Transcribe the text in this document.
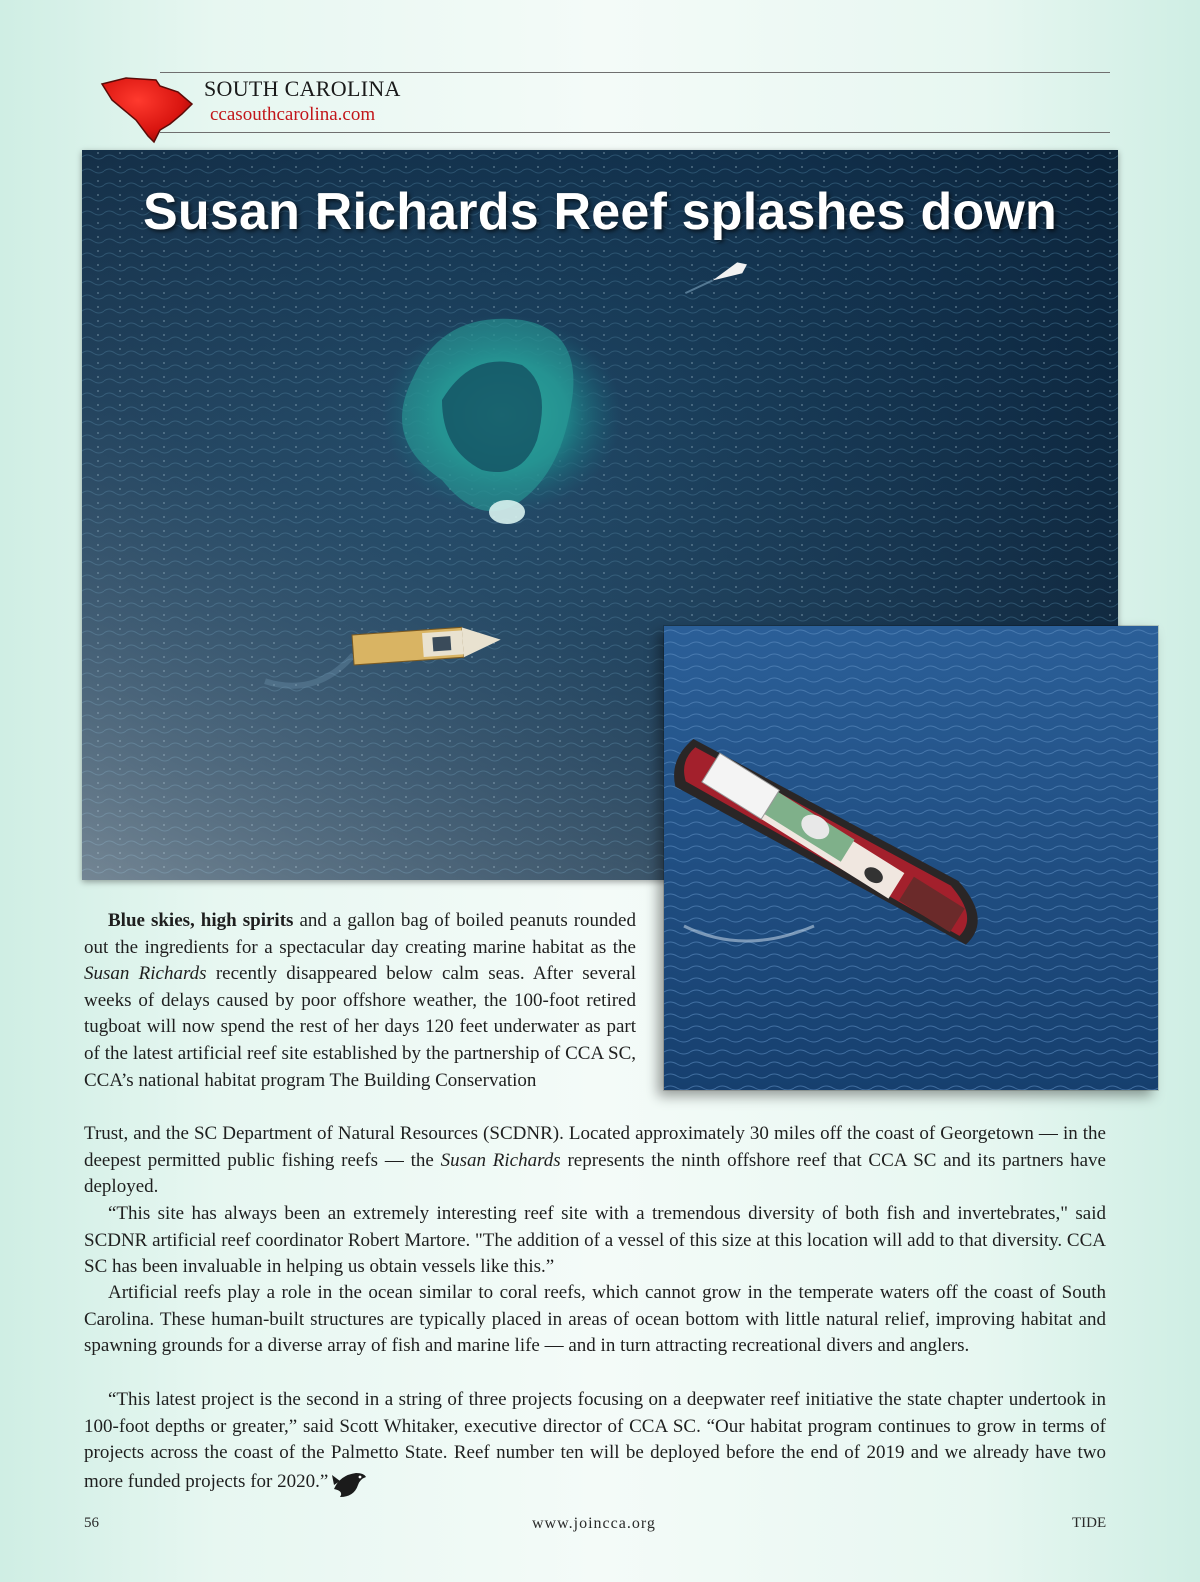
SOUTH CAROLINA
ccasouthcarolina.com
Susan Richards Reef splashes down
Blue skies, high spirits and a gallon bag of boiled peanuts rounded out the ingredients for a spectacular day creating marine habitat as the Susan Richards recently disappeared below calm seas. After several weeks of delays caused by poor offshore weather, the 100-foot retired tugboat will now spend the rest of her days 120 feet underwater as part of the latest artificial reef site established by the partnership of CCA SC, CCA’s national habitat program The Building Conservation
Trust, and the SC Department of Natural Resources (SCDNR). Located approximately 30 miles off the coast of Georgetown — in the deepest permitted public fishing reefs — the Susan Richards represents the ninth offshore reef that CCA SC and its partners have deployed.

“This site has always been an extremely interesting reef site with a tremendous diversity of both fish and invertebrates," said SCDNR artificial reef coordinator Robert Martore. "The addition of a vessel of this size at this location will add to that diversity. CCA SC has been invaluable in helping us obtain vessels like this.”

Artificial reefs play a role in the ocean similar to coral reefs, which cannot grow in the temperate waters off the coast of South Carolina. These human-built structures are typically placed in areas of ocean bottom with little natural relief, improving habitat and spawning grounds for a diverse array of fish and marine life — and in turn attracting recreational divers and anglers.

“This latest project is the second in a string of three projects focusing on a deepwater reef initiative the state chapter undertook in 100-foot depths or greater,” said Scott Whitaker, executive director of CCA SC. “Our habitat program continues to grow in terms of projects across the coast of the Palmetto State. Reef number ten will be deployed before the end of 2019 and we already have two more funded projects for 2020.”

56	www.joincca.org	TIDE
